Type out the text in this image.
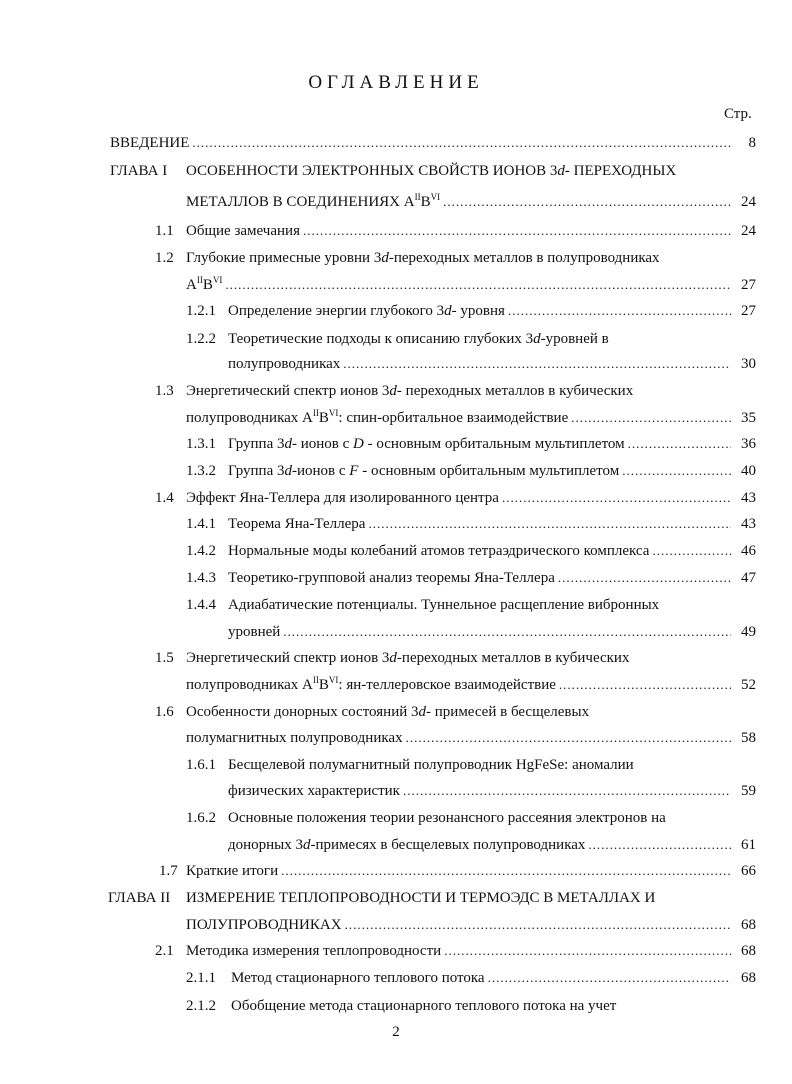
ОГЛАВЛЕНИЕ
Стр.
ВВЕДЕНИЕ .....	8
ГЛАВА I ОСОБЕННОСТИ ЭЛЕКТРОННЫХ СВОЙСТВ ИОНОВ 3d- ПЕРЕХОДНЫХ
МЕТАЛЛОВ В СОЕДИНЕНИЯХ $A^{II}B^{VI}$ .....	24
1.1 Общие замечания .....	24
1.2 Глубокие примесные уровни 3d-переходных металлов в полупроводниках
$A^{II}B^{VI}$ .....	27
1.2.1 Определение энергии глубокого 3d- уровня .....	27
1.2.2 Теоретические подходы к описанию глубоких 3d-уровней в
полупроводниках .....	30
1.3 Энергетический спектр ионов 3d- переходных металлов в кубических
полупроводниках $A^{II}B^{VI}$: спин-орбитальное взаимодействие .....	35
1.3.1 Группа 3d- ионов с D - основным орбитальным мультиплетом .....	36
1.3.2 Группа 3d-ионов с F - основным орбитальным мультиплетом .....	40
1.4 Эффект Яна-Теллера для изолированного центра .....	43
1.4.1 Теорема Яна-Теллера .....	43
1.4.2 Нормальные моды колебаний атомов тетраэдрического комплекса .....	46
1.4.3 Теоретико-групповой анализ теоремы Яна-Теллера .....	47
1.4.4 Адиабатические потенциалы. Туннельное расщепление вибронных
уровней .....	49
1.5 Энергетический спектр ионов 3d-переходных металлов в кубических
полупроводниках $A^{II}B^{VI}$: ян-теллеровское взаимодействие .....	52
1.6 Особенности донорных состояний 3d- примесей в бесщелевых
полумагнитных полупроводниках .....	58
1.6.1 Бесщелевой полумагнитный полупроводник HgFeSe: аномалии
физических характеристик .....	59
1.6.2 Основные положения теории резонансного рассеяния электронов на
донорных 3d-примесях в бесщелевых полупроводниках .....	61
1.7 Краткие итоги .....	66
ГЛАВА II ИЗМЕРЕНИЕ ТЕПЛОПРОВОДНОСТИ И ТЕРМОЭДС В МЕТАЛЛАХ И
ПОЛУПРОВОДНИКАХ .....	68
2.1 Методика измерения теплопроводности .....	68
2.1.1 Метод стационарного теплового потока .....	68
2.1.2 Обобщение метода стационарного теплового потока на учет
2
